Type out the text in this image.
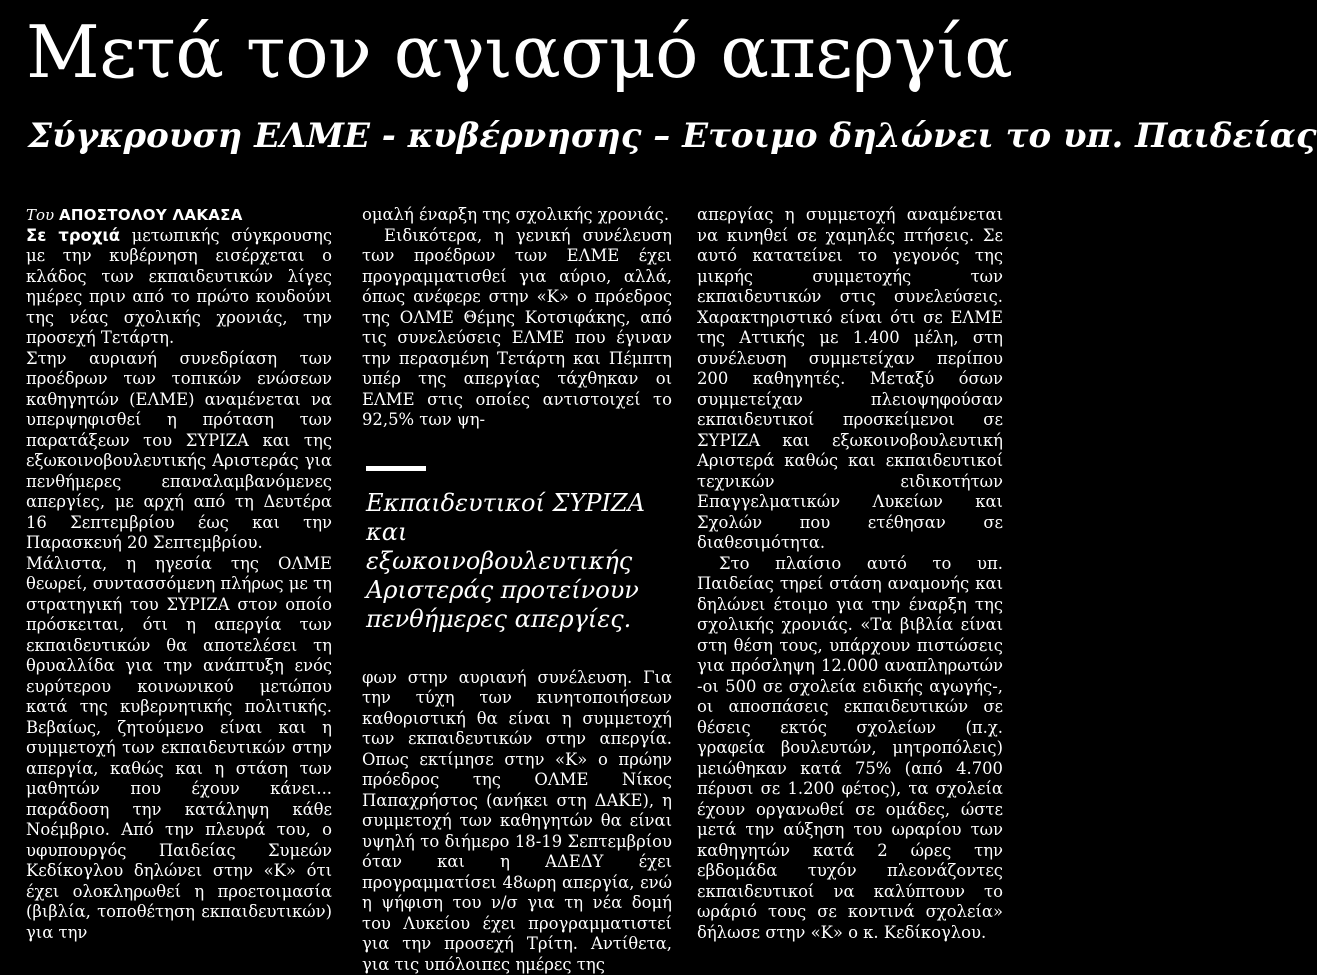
Μετά τον αγιασμό απεργία
Σύγκρουση ΕΛΜΕ - κυβέρνησης – Ετοιμο δηλώνει το υπ. Παιδείας

Του ΑΠΟΣΤΟΛΟΥ ΛΑΚΑΣΑ

Σε τροχιά μετωπικής σύγκρουσης με την κυβέρνηση εισέρχεται ο κλάδος των εκπαιδευτικών λίγες ημέρες πριν από το πρώτο κουδούνι της νέας σχολικής χρονιάς, την προσεχή Τετάρτη.

Στην αυριανή συνεδρίαση των προέδρων των τοπικών ενώσεων καθηγητών (ΕΛΜΕ) αναμένεται να υπερψηφισθεί η πρόταση των παρατάξεων του ΣΥΡΙΖΑ και της εξωκοινοβουλευτικής Αριστεράς για πενθήμερες επαναλαμβανόμενες απεργίες, με αρχή από τη Δευτέρα 16 Σεπτεμβρίου έως και την Παρασκευή 20 Σεπτεμβρίου.

Μάλιστα, η ηγεσία της ΟΛΜΕ θεωρεί, συντασσόμενη πλήρως με τη στρατηγική του ΣΥΡΙΖΑ στον οποίο πρόσκειται, ότι η απεργία των εκπαιδευτικών θα αποτελέσει τη θρυαλλίδα για την ανάπτυξη ενός ευρύτερου κοινωνικού μετώπου κατά της κυβερνητικής πολιτικής. Βεβαίως, ζητούμενο είναι και η συμμετοχή των εκπαιδευτικών στην απεργία, καθώς και η στάση των μαθητών που έχουν κάνει... παράδοση την κατάληψη κάθε Νοέμβριο. Από την πλευρά του, ο υφυπουργός Παιδείας Συμεών Κεδίκογλου δηλώνει στην «Κ» ότι έχει ολοκληρωθεί η προετοιμασία (βιβλία, τοποθέτηση εκπαιδευτικών) για την

ομαλή έναρξη της σχολικής χρονιάς.

Ειδικότερα, η γενική συνέλευση των προέδρων των ΕΛΜΕ έχει προγραμματισθεί για αύριο, αλλά, όπως ανέφερε στην «Κ» ο πρόεδρος της ΟΛΜΕ Θέμης Κοτσιφάκης, από τις συνελεύσεις ΕΛΜΕ που έγιναν την περασμένη Τετάρτη και Πέμπτη υπέρ της απεργίας τάχθηκαν οι ΕΛΜΕ στις οποίες αντιστοιχεί το 92,5% των ψη-

Εκπαιδευτικοί ΣΥΡΙΖΑ και εξωκοινοβουλευτικής Αριστεράς προτείνουν πενθήμερες απεργίες.

φων στην αυριανή συνέλευση. Για την τύχη των κινητοποιήσεων καθοριστική θα είναι η συμμετοχή των εκπαιδευτικών στην απεργία. Οπως εκτίμησε στην «Κ» ο πρώην πρόεδρος της ΟΛΜΕ Νίκος Παπαχρήστος (ανήκει στη ΔΑΚΕ), η συμμετοχή των καθηγητών θα είναι υψηλή το διήμερο 18-19 Σεπτεμβρίου όταν και η ΑΔΕΔΥ έχει προγραμματίσει 48ωρη απεργία, ενώ η ψήφιση του ν/σ για τη νέα δομή του Λυκείου έχει προγραμματιστεί για την προσεχή Τρίτη. Αντίθετα, για τις υπόλοιπες ημέρες της

απεργίας η συμμετοχή αναμένεται να κινηθεί σε χαμηλές πτήσεις. Σε αυτό κατατείνει το γεγονός της μικρής συμμετοχής των εκπαιδευτικών στις συνελεύσεις. Χαρακτηριστικό είναι ότι σε ΕΛΜΕ της Αττικής με 1.400 μέλη, στη συνέλευση συμμετείχαν περίπου 200 καθηγητές. Μεταξύ όσων συμμετείχαν πλειοψηφούσαν εκπαιδευτικοί προσκείμενοι σε ΣΥΡΙΖΑ και εξωκοινοβουλευτική Αριστερά καθώς και εκπαιδευτικοί τεχνικών ειδικοτήτων Επαγγελματικών Λυκείων και Σχολών που ετέθησαν σε διαθεσιμότητα.

Στο πλαίσιο αυτό το υπ. Παιδείας τηρεί στάση αναμονής και δηλώνει έτοιμο για την έναρξη της σχολικής χρονιάς. «Τα βιβλία είναι στη θέση τους, υπάρχουν πιστώσεις για πρόσληψη 12.000 αναπληρωτών -οι 500 σε σχολεία ειδικής αγωγής-, οι αποσπάσεις εκπαιδευτικών σε θέσεις εκτός σχολείων (π.χ. γραφεία βουλευτών, μητροπόλεις) μειώθηκαν κατά 75% (από 4.700 πέρυσι σε 1.200 φέτος), τα σχολεία έχουν οργανωθεί σε ομάδες, ώστε μετά την αύξηση του ωραρίου των καθηγητών κατά 2 ώρες την εβδομάδα τυχόν πλεονάζοντες εκπαιδευτικοί να καλύπτουν το ωράριό τους σε κοντινά σχολεία» δήλωσε στην «Κ» ο κ. Κεδίκογλου.
